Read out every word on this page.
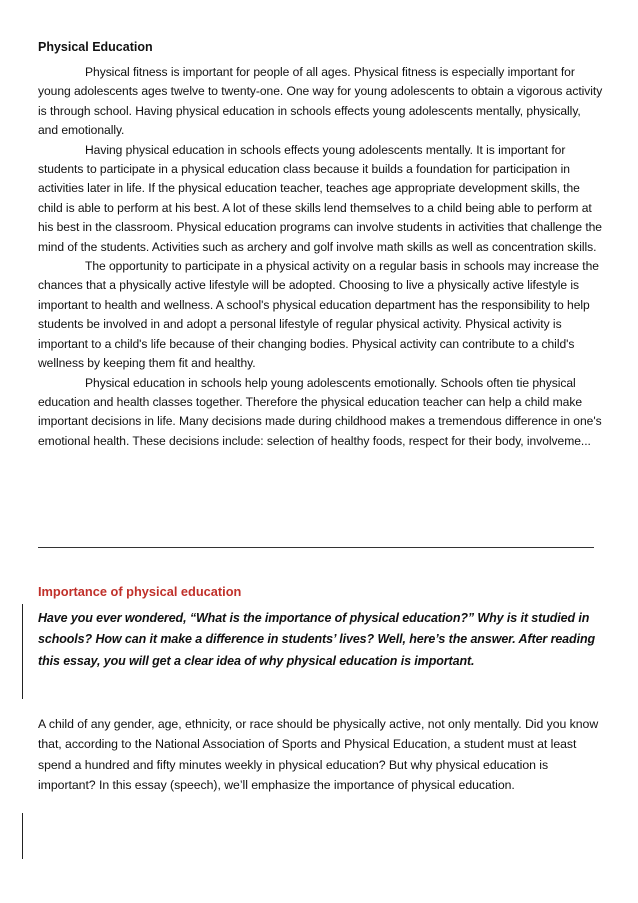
Physical Education

Physical fitness is important for people of all ages. Physical fitness is especially important for young adolescents ages twelve to twenty-one. One way for young adolescents to obtain a vigorous activity is through school. Having physical education in schools effects young adolescents mentally, physically, and emotionally.

Having physical education in schools effects young adolescents mentally. It is important for students to participate in a physical education class because it builds a foundation for participation in activities later in life. If the physical education teacher, teaches age appropriate development skills, the child is able to perform at his best. A lot of these skills lend themselves to a child being able to perform at his best in the classroom. Physical education programs can involve students in activities that challenge the mind of the students. Activities such as archery and golf involve math skills as well as concentration skills.

The opportunity to participate in a physical activity on a regular basis in schools may increase the chances that a physically active lifestyle will be adopted. Choosing to live a physically active lifestyle is important to health and wellness. A school's physical education department has the responsibility to help students be involved in and adopt a personal lifestyle of regular physical activity. Physical activity is important to a child's life because of their changing bodies. Physical activity can contribute to a child's wellness by keeping them fit and healthy.

Physical education in schools help young adolescents emotionally. Schools often tie physical education and health classes together. Therefore the physical education teacher can help a child make important decisions in life. Many decisions made during childhood makes a tremendous difference in one's emotional health. These decisions include: selection of healthy foods, respect for their body, involveme...

Importance of physical education

Have you ever wondered, “What is the importance of physical education?” Why is it studied in schools? How can it make a difference in students’ lives? Well, here’s the answer. After reading this essay, you will get a clear idea of why physical education is important.

A child of any gender, age, ethnicity, or race should be physically active, not only mentally. Did you know that, according to the National Association of Sports and Physical Education, a student must at least spend a hundred and fifty minutes weekly in physical education? But why physical education is important? In this essay (speech), we’ll emphasize the importance of physical education.
